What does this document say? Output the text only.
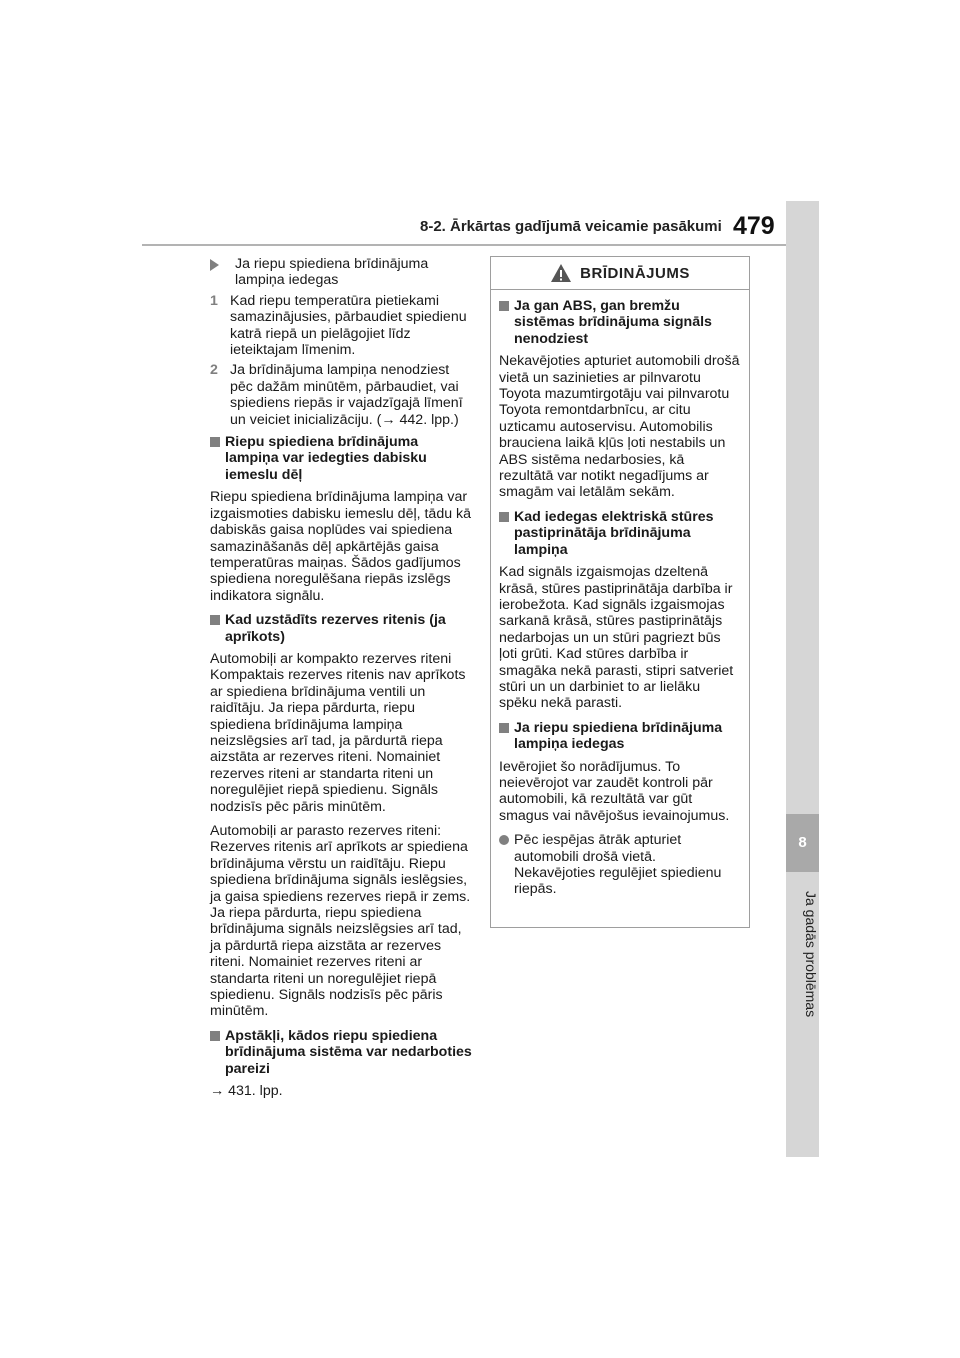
8
Ja gadās problēmas
8-2. Ārkārtas gadījumā veicamie pasākumi 479
Ja riepu spiediena brīdinājuma lampiņa iedegas
1 Kad riepu temperatūra pietiekami samazinājusies, pārbaudiet spiedienu katrā riepā un pielāgojiet līdz ieteiktajam līmenim.
2 Ja brīdinājuma lampiņa nenodziest pēc dažām minūtēm, pārbaudiet, vai spiediens riepās ir vajadzīgajā līmenī un veiciet inicializāciju. (→ 442. lpp.)
Riepu spiediena brīdinājuma lampiņa var iedegties dabisku iemeslu dēļ

Riepu spiediena brīdinājuma lampiņa var izgaismoties dabisku iemeslu dēļ, tādu kā dabiskās gaisa noplūdes vai spiediena samazināšanās dēļ apkārtējās gaisa temperatūras maiņas. Šādos gadījumos spiediena noregulēšana riepās izslēgs indikatora signālu.

Kad uzstādīts rezerves ritenis (ja aprīkots)

Automobiļi ar kompakto rezerves riteni Kompaktais rezerves ritenis nav aprīkots ar spiediena brīdinājuma ventili un raidītāju. Ja riepa pārdurta, riepu spiediena brīdinājuma lampiņa neizslēgsies arī tad, ja pārdurtā riepa aizstāta ar rezerves riteni. Nomainiet rezerves riteni ar standarta riteni un noregulējiet riepā spiedienu. Signāls nodzisīs pēc pāris minūtēm.

Automobiļi ar parasto rezerves riteni: Rezerves ritenis arī aprīkots ar spiediena brīdinājuma vērstu un raidītāju. Riepu spiediena brīdinājuma signāls ieslēgsies, ja gaisa spiediens rezerves riepā ir zems. Ja riepa pārdurta, riepu spiediena brīdinājuma signāls neizslēgsies arī tad, ja pārdurtā riepa aizstāta ar rezerves riteni. Nomainiet rezerves riteni ar standarta riteni un noregulējiet riepā spiedienu. Signāls nodzisīs pēc pāris minūtēm.

Apstākļi, kādos riepu spiediena brīdinājuma sistēma var nedarboties pareizi

→ 431. lpp.

BRĪDINĀJUMS
Ja gan ABS, gan bremžu sistēmas brīdinājuma signāls nenodziest

Nekavējoties apturiet automobili drošā vietā un sazinieties ar pilnvarotu Toyota mazumtirgotāju vai pilnvarotu Toyota remontdarbnīcu, ar citu uzticamu autoservisu. Automobilis brauciena laikā kļūs ļoti nestabils un ABS sistēma nedarbosies, kā rezultātā var notikt negadījums ar smagām vai letālām sekām.

Kad iedegas elektriskā stūres pastiprinātāja brīdinājuma lampiņa

Kad signāls izgaismojas dzeltenā krāsā, stūres pastiprinātāja darbība ir ierobežota. Kad signāls izgaismojas sarkanā krāsā, stūres pastiprinātājs nedarbojas un un stūri pagriezt būs ļoti grūti. Kad stūres darbība ir smagāka nekā parasti, stipri satveriet stūri un un darbiniet to ar lielāku spēku nekā parasti.

Ja riepu spiediena brīdinājuma lampiņa iedegas

Ievērojiet šo norādījumus. To neievērojot var zaudēt kontroli pār automobili, kā rezultātā var gūt smagus vai nāvējošus ievainojumus.

Pēc iespējas ātrāk apturiet automobili drošā vietā. Nekavējoties regulējiet spiedienu riepās.
